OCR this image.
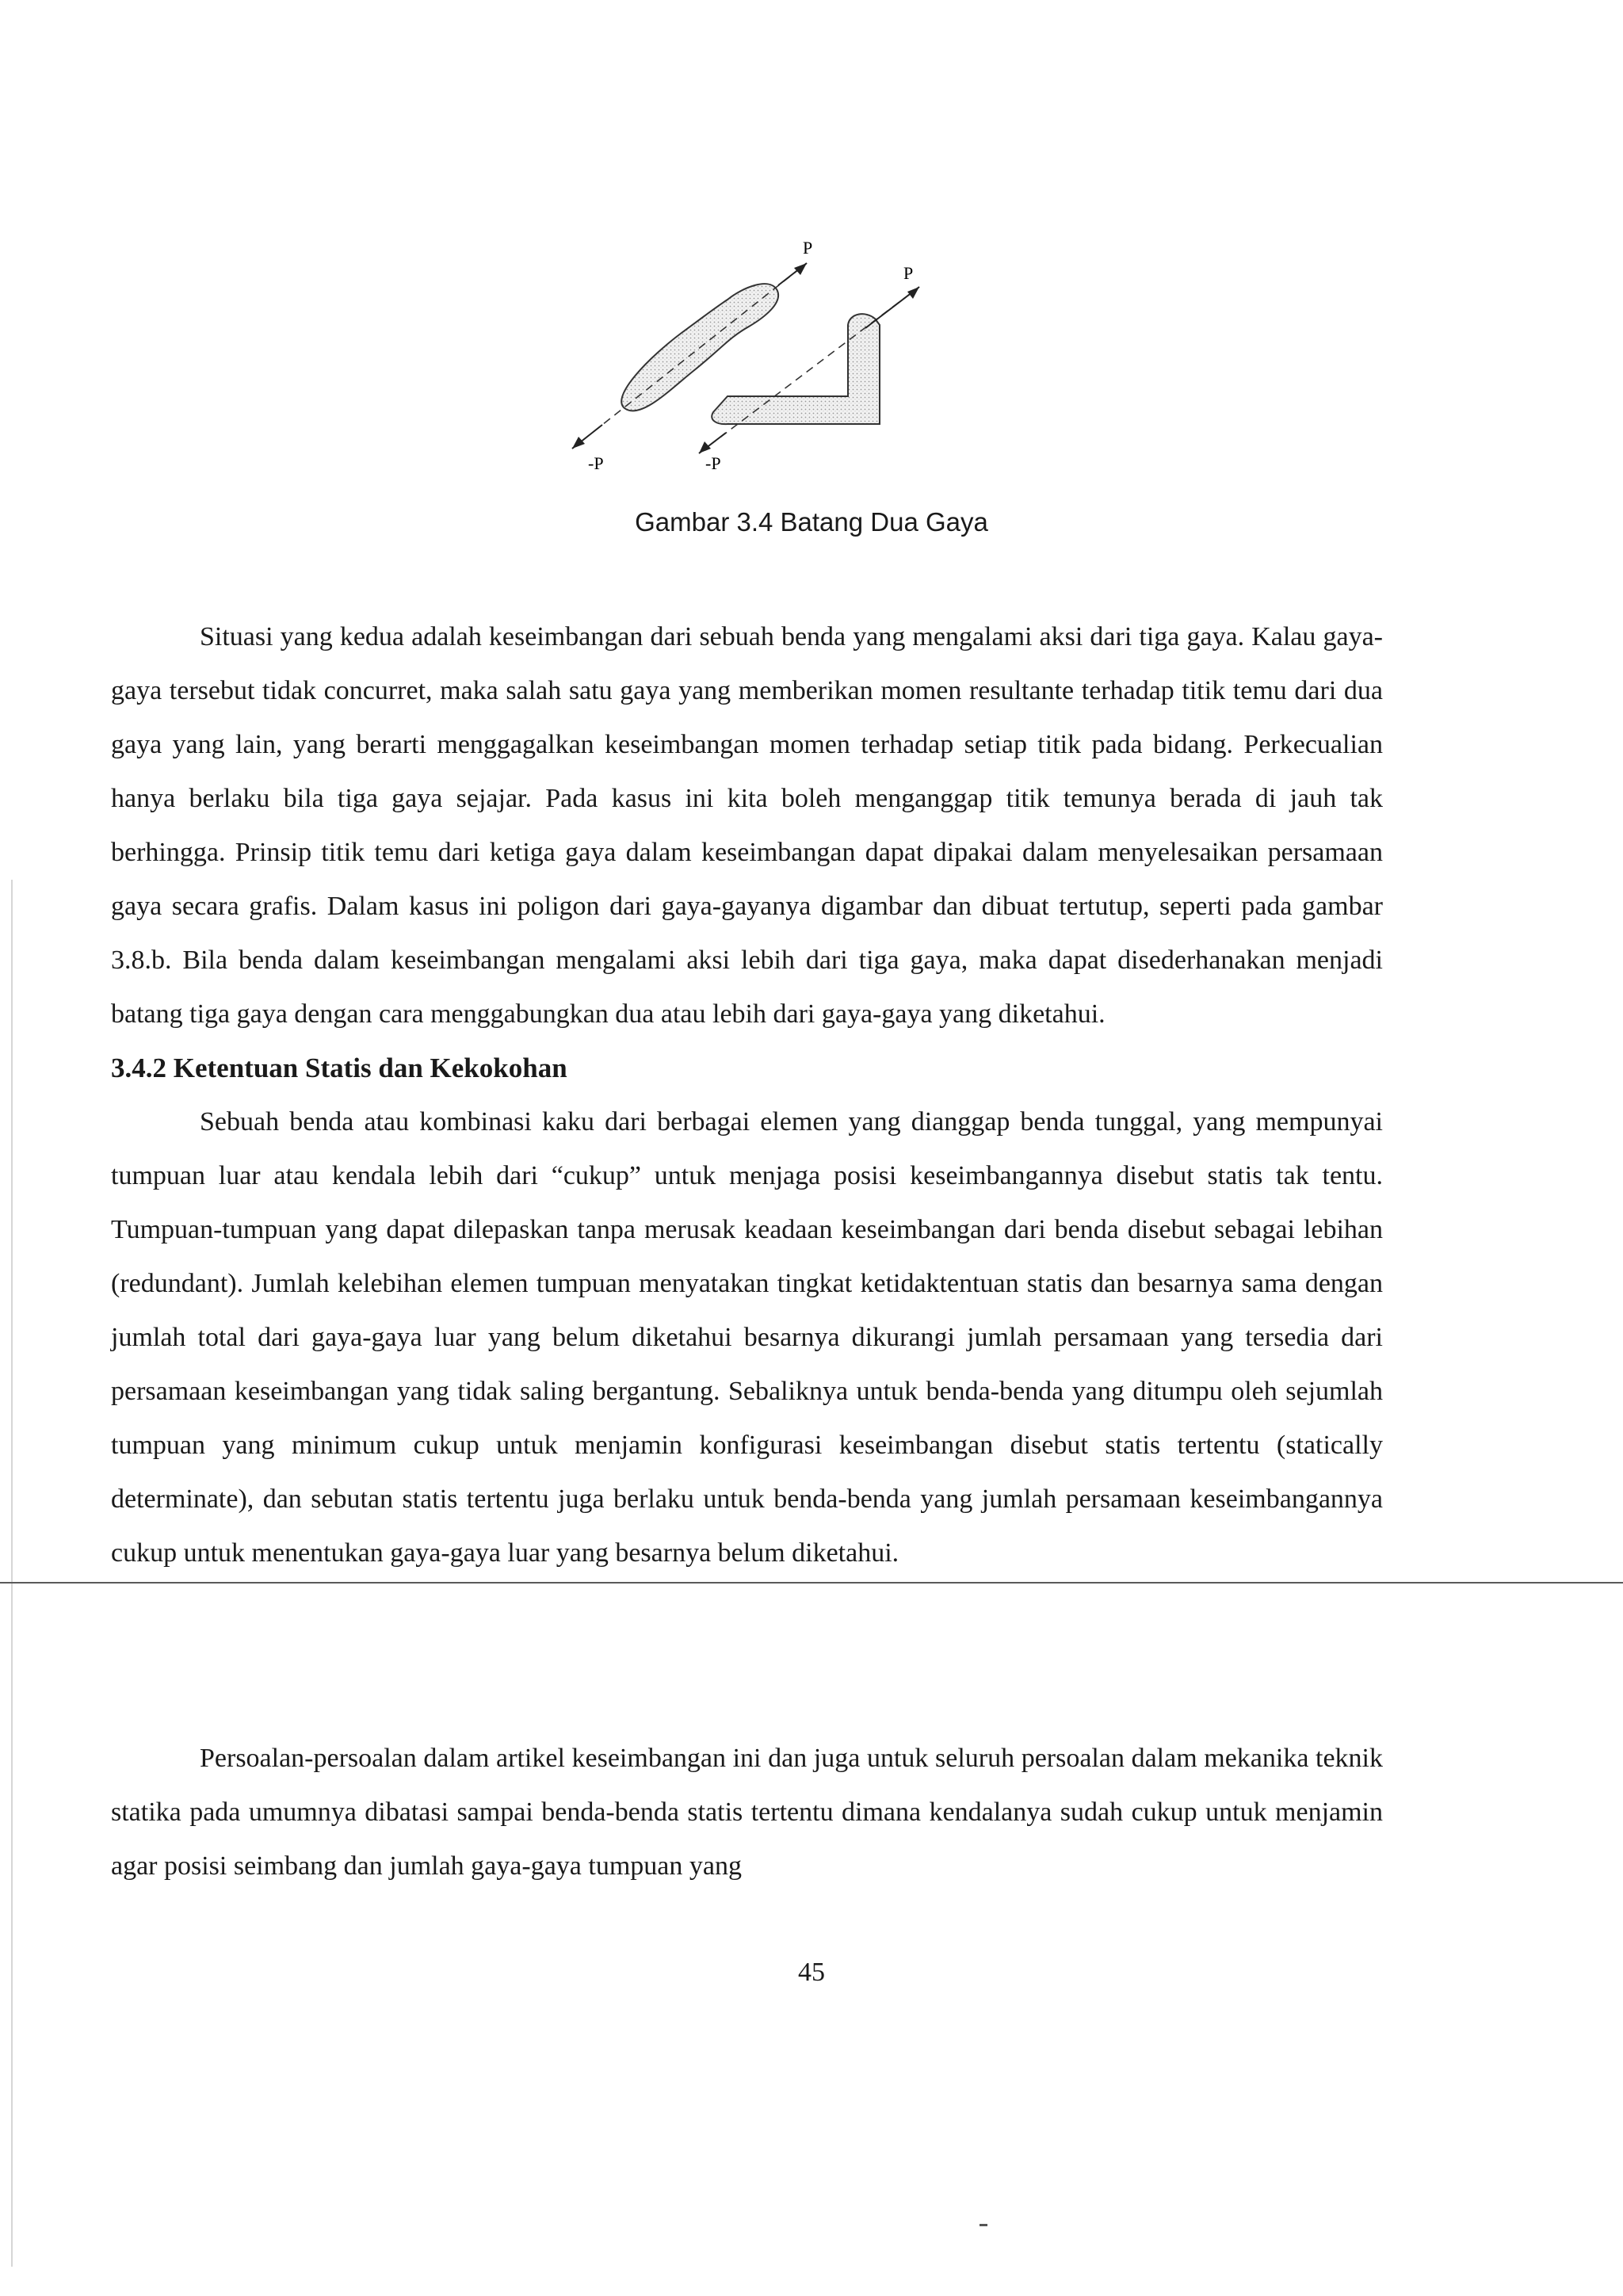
P
-P
P
-P
Gambar 3.4 Batang Dua Gaya

Situasi yang kedua adalah keseimbangan dari sebuah benda yang mengalami aksi dari tiga gaya. Kalau gaya-gaya tersebut tidak concurret, maka salah satu gaya yang memberikan momen resultante terhadap titik temu dari dua gaya yang lain, yang berarti menggagalkan keseimbangan momen terhadap setiap titik pada bidang. Perkecualian hanya berlaku bila tiga gaya sejajar. Pada kasus ini kita boleh menganggap titik temunya berada di jauh tak berhingga. Prinsip titik temu dari ketiga gaya dalam keseimbangan dapat dipakai dalam menyelesaikan persamaan gaya secara grafis. Dalam kasus ini poligon dari gaya-gayanya digambar dan dibuat tertutup, seperti pada gambar 3.8.b. Bila benda dalam keseimbangan mengalami aksi lebih dari tiga gaya, maka dapat disederhanakan menjadi batang tiga gaya dengan cara menggabungkan dua atau lebih dari gaya-gaya yang diketahui.

3.4.2 Ketentuan Statis dan Kekokohan

Sebuah benda atau kombinasi kaku dari berbagai elemen yang dianggap benda tunggal, yang mempunyai tumpuan luar atau kendala lebih dari “cukup” untuk menjaga posisi keseimbangannya disebut statis tak tentu. Tumpuan-tumpuan yang dapat dilepaskan tanpa merusak keadaan keseimbangan dari benda disebut sebagai lebihan (redundant). Jumlah kelebihan elemen tumpuan menyatakan tingkat ketidaktentuan statis dan besarnya sama dengan jumlah total dari gaya-gaya luar yang belum diketahui besarnya dikurangi jumlah persamaan yang tersedia dari persamaan keseimbangan yang tidak saling bergantung. Sebaliknya untuk benda-benda yang ditumpu oleh sejumlah tumpuan yang minimum cukup untuk menjamin konfigurasi keseimbangan disebut statis tertentu (statically determinate), dan sebutan statis tertentu juga berlaku untuk benda-benda yang jumlah persamaan keseimbangannya cukup untuk menentukan gaya-gaya luar yang besarnya belum diketahui.

Persoalan-persoalan dalam artikel keseimbangan ini dan juga untuk seluruh persoalan dalam mekanika teknik statika pada umumnya dibatasi sampai benda-benda statis tertentu dimana kendalanya sudah cukup untuk menjamin agar posisi seimbang dan jumlah gaya-gaya tumpuan yang

45
